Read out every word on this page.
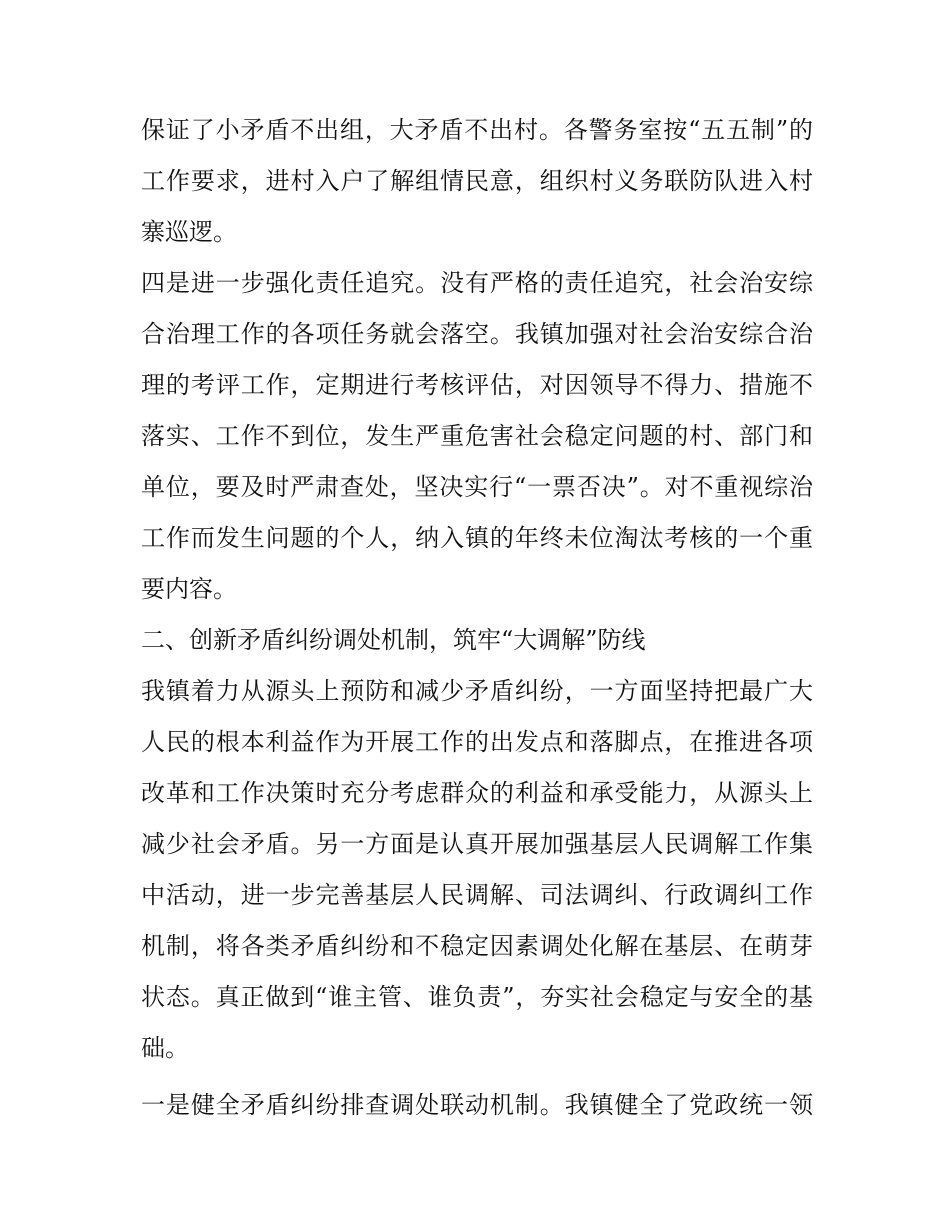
保证了小矛盾不出组，大矛盾不出村。各警务室按“五五制”的
工作要求，进村入户了解组情民意，组织村义务联防队进入村
寨巡逻。
四是进一步强化责任追究。没有严格的责任追究，社会治安综
合治理工作的各项任务就会落空。我镇加强对社会治安综合治
理的考评工作，定期进行考核评估，对因领导不得力、措施不
落实、工作不到位，发生严重危害社会稳定问题的村、部门和
单位，要及时严肃查处，坚决实行“一票否决”。对不重视综治
工作而发生问题的个人，纳入镇的年终未位淘汰考核的一个重
要内容。
二、创新矛盾纠纷调处机制，筑牢“大调解”防线
我镇着力从源头上预防和减少矛盾纠纷，一方面坚持把最广大
人民的根本利益作为开展工作的出发点和落脚点，在推进各项
改革和工作决策时充分考虑群众的利益和承受能力，从源头上
减少社会矛盾。另一方面是认真开展加强基层人民调解工作集
中活动，进一步完善基层人民调解、司法调纠、行政调纠工作
机制，将各类矛盾纠纷和不稳定因素调处化解在基层、在萌芽
状态。真正做到“谁主管、谁负责”，夯实社会稳定与安全的基
础。
一是健全矛盾纠纷排查调处联动机制。我镇健全了党政统一领
